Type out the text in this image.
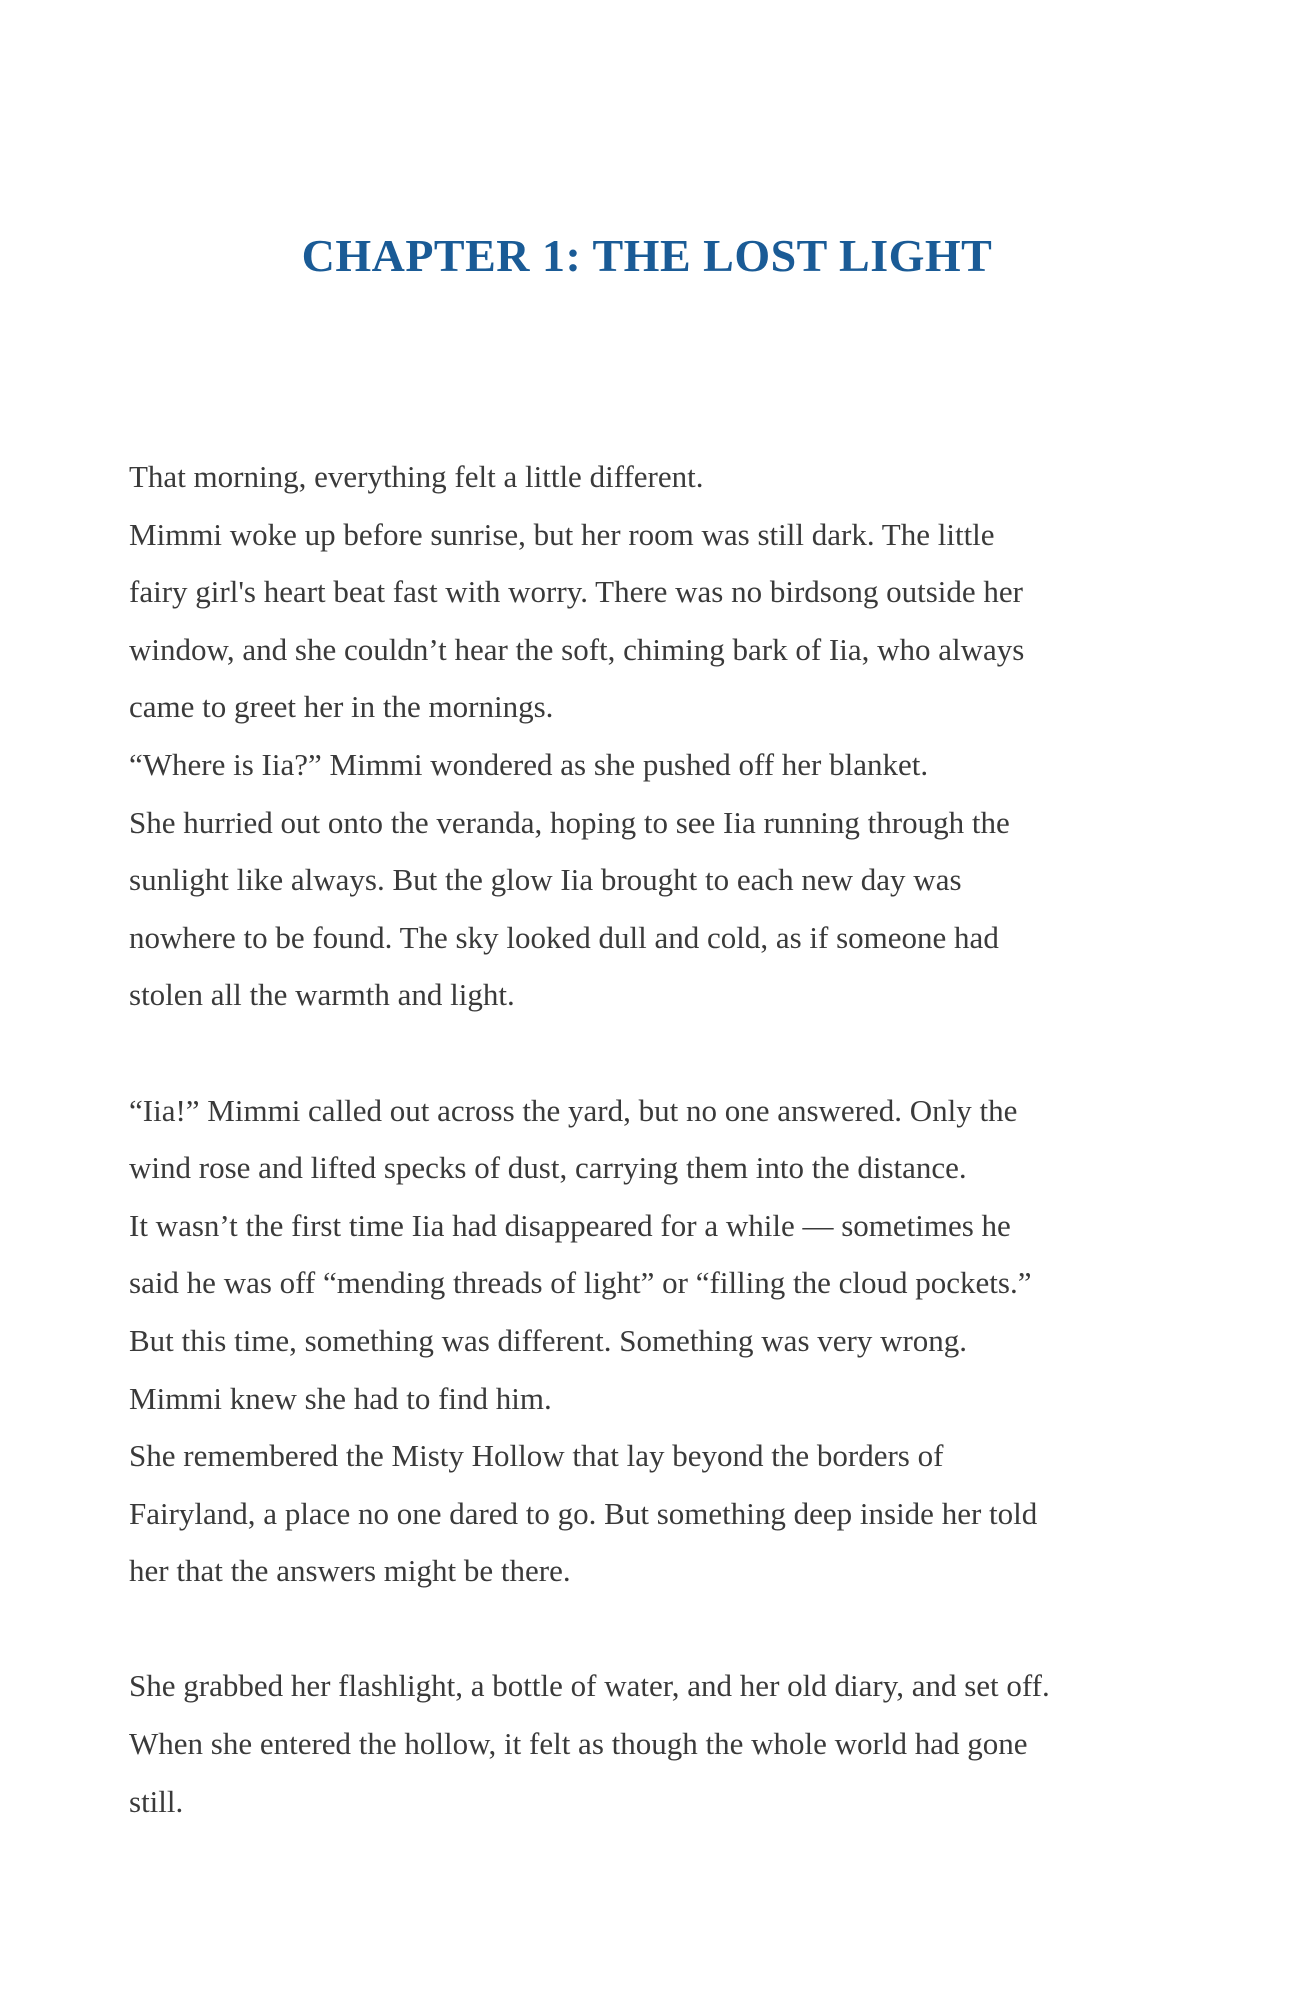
CHAPTER 1: THE LOST LIGHT

That morning, everything felt a little different.
Mimmi woke up before sunrise, but her room was still dark. The little
fairy girl's heart beat fast with worry. There was no birdsong outside her
window, and she couldn’t hear the soft, chiming bark of Iia, who always
came to greet her in the mornings.
“Where is Iia?” Mimmi wondered as she pushed off her blanket.
She hurried out onto the veranda, hoping to see Iia running through the
sunlight like always. But the glow Iia brought to each new day was
nowhere to be found. The sky looked dull and cold, as if someone had
stolen all the warmth and light.

“Iia!” Mimmi called out across the yard, but no one answered. Only the
wind rose and lifted specks of dust, carrying them into the distance.
It wasn’t the first time Iia had disappeared for a while — sometimes he
said he was off “mending threads of light” or “filling the cloud pockets.”
But this time, something was different. Something was very wrong.
Mimmi knew she had to find him.
She remembered the Misty Hollow that lay beyond the borders of
Fairyland, a place no one dared to go. But something deep inside her told
her that the answers might be there.

She grabbed her flashlight, a bottle of water, and her old diary, and set off.
When she entered the hollow, it felt as though the whole world had gone
still.
